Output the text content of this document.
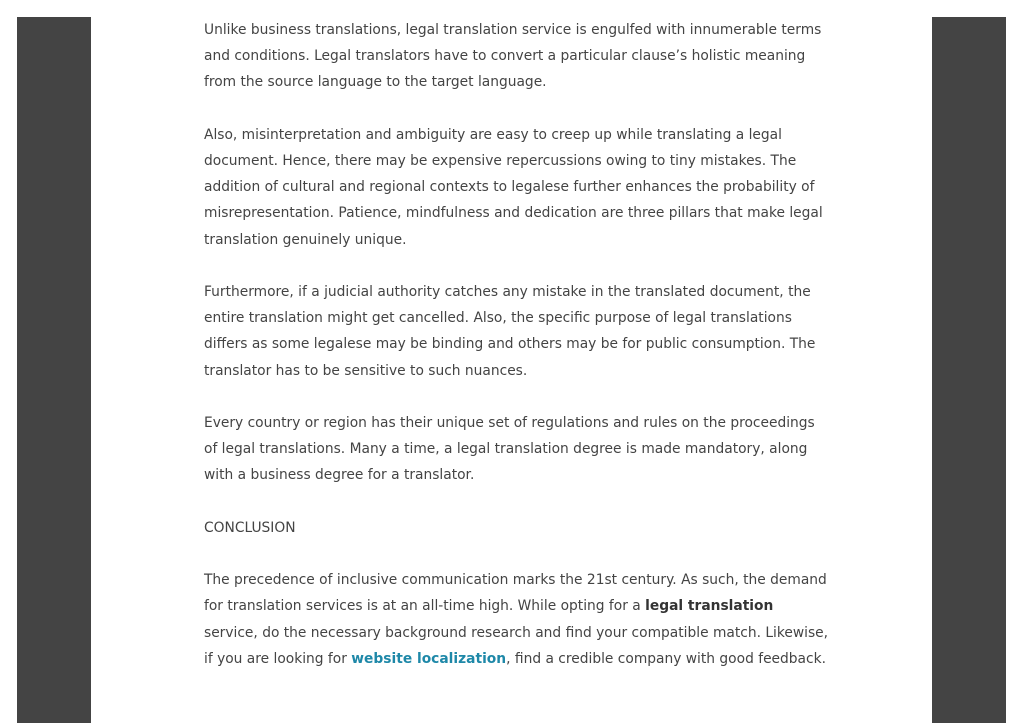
Unlike business translations, legal translation service is engulfed with innumerable terms and conditions. Legal translators have to convert a particular clause’s holistic meaning from the source language to the target language.

Also, misinterpretation and ambiguity are easy to creep up while translating a legal document. Hence, there may be expensive repercussions owing to tiny mistakes. The addition of cultural and regional contexts to legalese further enhances the probability of misrepresentation. Patience, mindfulness and dedication are three pillars that make legal translation genuinely unique.

Furthermore, if a judicial authority catches any mistake in the translated document, the entire translation might get cancelled. Also, the specific purpose of legal translations differs as some legalese may be binding and others may be for public consumption. The translator has to be sensitive to such nuances.

Every country or region has their unique set of regulations and rules on the proceedings of legal translations. Many a time, a legal translation degree is made mandatory, along with a business degree for a translator.

CONCLUSION

The precedence of inclusive communication marks the 21st century. As such, the demand for translation services is at an all-time high. While opting for a legal translation service, do the necessary background research and find your compatible match. Likewise, if you are looking for website localization, find a credible company with good feedback.
